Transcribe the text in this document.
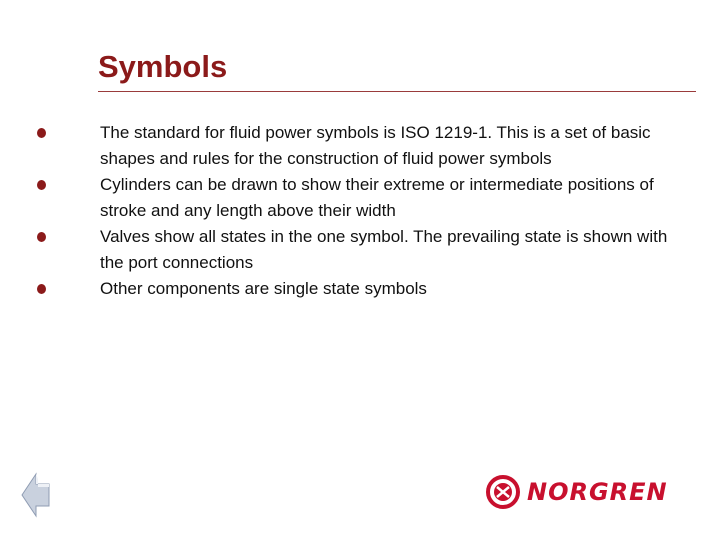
Symbols
The standard for fluid power symbols is ISO 1219-1. This is a set of basic shapes and rules for the construction of fluid power symbols
Cylinders can be drawn to show their extreme or intermediate positions of stroke and any length above their width
Valves show all states in the one symbol. The prevailing state is shown with the port connections
Other components are single state symbols
NORGREN
